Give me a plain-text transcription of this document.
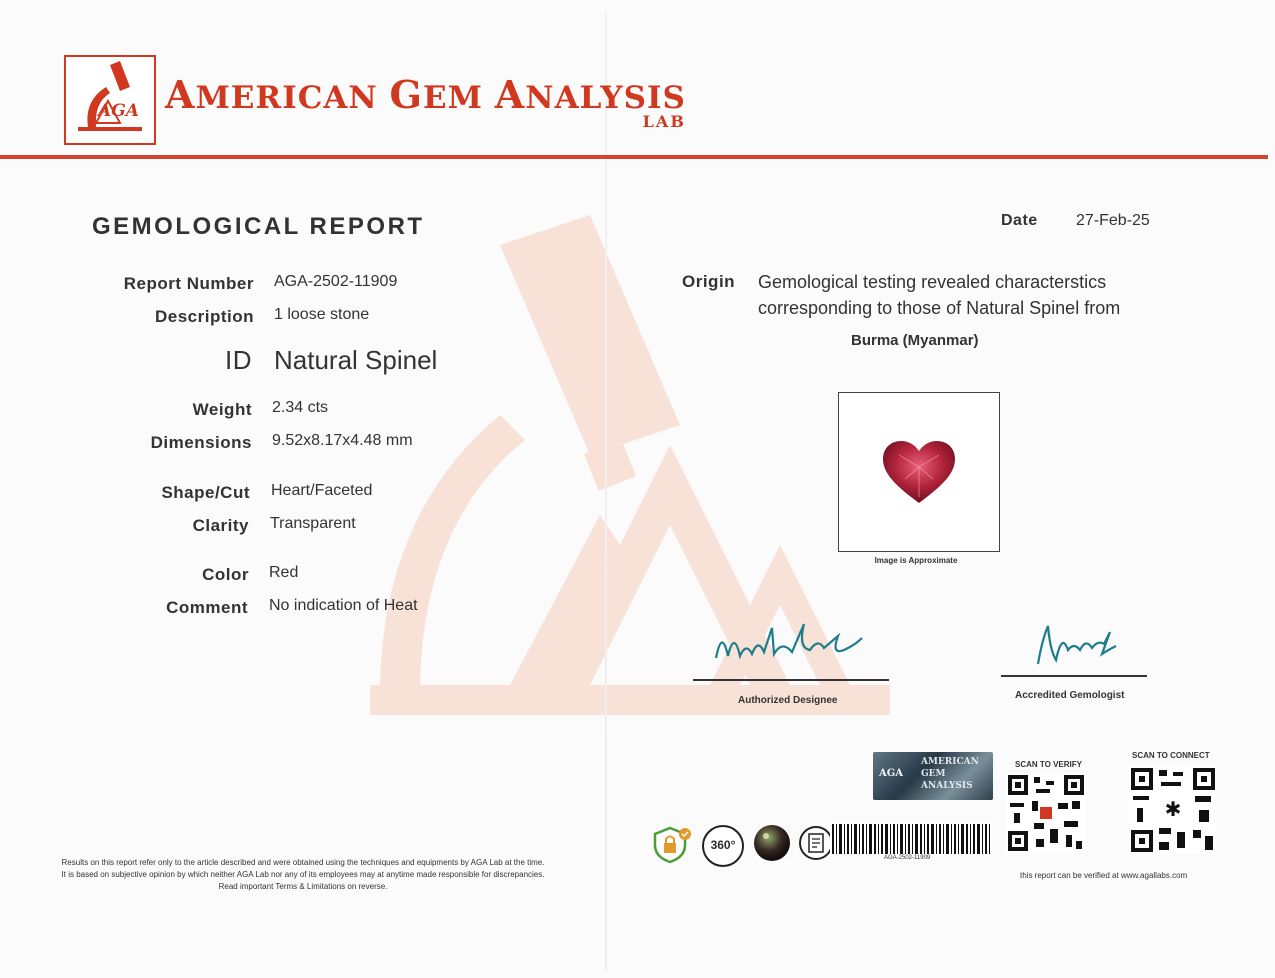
AGA AMERICAN GEM ANALYSIS
LAB
GEMOLOGICAL REPORT	Date 27-Feb-25
Report Number AGA-2502-11909
Description 1 loose stone
ID Natural Spinel
Weight 2.34 cts
Dimensions 9.52x8.17x4.48 mm
Shape/Cut Heart/Faceted
Clarity Transparent
Color Red
Comment No indication of Heat
Origin Gemological testing revealed characterstics corresponding to those of Natural Spinel from
Burma (Myanmar)
Image is Approximate
Authorized Designee	Accredited Gemologist
AGA
AMERICAN
GEM
ANALYSIS
SCAN TO VERIFY
SCAN TO CONNECT
✱
360°
AGA-2502-11909
this report can be verified at www.agallabs.com
Results on this report refer only to the article described and were obtained using the techniques and equipments by AGA Lab at the time.
It is based on subjective opinion by which neither AGA Lab nor any of its employees may at anytime made responsible for discrepancies.
Read important Terms & Limitations on reverse.
